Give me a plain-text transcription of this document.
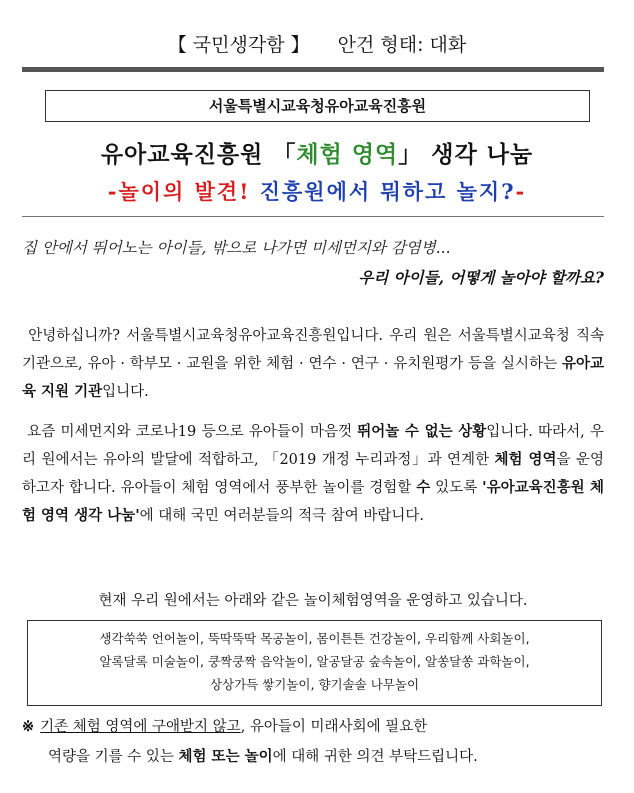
【 국민생각함 】 안건 형태: 대화
서울특별시교육청유아교육진흥원
유아교육진흥원 「체험 영역」 생각 나눔
-놀이의 발견! 진흥원에서 뭐하고 놀지?-
집 안에서 뛰어노는 아이들, 밖으로 나가면 미세먼지와 감염병...
우리 아이들, 어떻게 놀아야 할까요?
안녕하십니까? 서울특별시교육청유아교육진흥원입니다. 우리 원은 서울특별시교육청 직속기관으로, 유아 · 학부모 · 교원을 위한 체험 · 연수 · 연구 · 유치원평가 등을 실시하는 유아교육 지원 기관입니다.
요즘 미세먼지와 코로나19 등으로 유아들이 마음껏 뛰어놀 수 없는 상황입니다. 따라서, 우리 원에서는 유아의 발달에 적합하고, 「2019 개정 누리과정」과 연계한 체험 영역을 운영하고자 합니다. 유아들이 체험 영역에서 풍부한 놀이를 경험할 수 있도록 '유아교육진흥원 체험 영역 생각 나눔'에 대해 국민 여러분들의 적극 참여 바랍니다.
현재 우리 원에서는 아래와 같은 놀이체험영역을 운영하고 있습니다.
생각쑥쑥 언어놀이, 뚝딱뚝딱 목공놀이, 몸이튼튼 건강놀이, 우리함께 사회놀이,
알록달록 미술놀이, 쿵짝쿵짝 음악놀이, 알공달공 숲속놀이, 알쏭달쏭 과학놀이,
상상가득 쌓기놀이, 향기솔솔 나무놀이
※ 기존 체험 영역에 구애받지 않고, 유아들이 미래사회에 필요한
역량을 기를 수 있는 체험 또는 놀이에 대해 귀한 의견 부탁드립니다.
